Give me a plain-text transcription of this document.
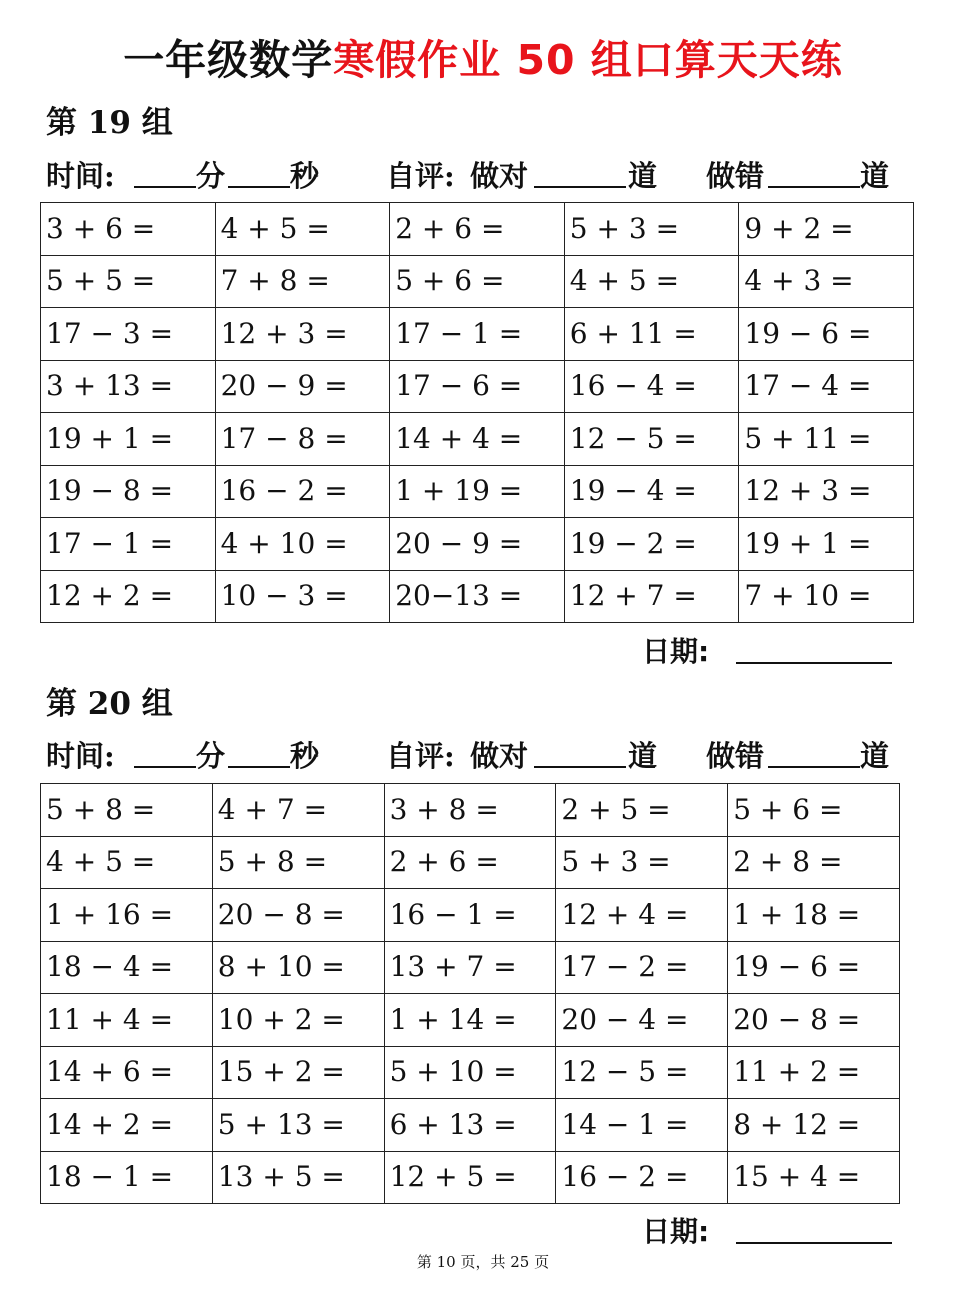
一年级数学寒假作业 50 组口算天天练
第 19 组
时间:	分 秒 自评: 做对	道 做错	道
3 + 6 =	4 + 5 =	2 + 6 =	5 + 3 =	9 + 2 =
5 + 5 =	7 + 8 =	5 + 6 =	4 + 5 =	4 + 3 =
17 − 3 =	12 + 3 =	17 − 1 =	6 + 11 =	19 − 6 =
3 + 13 =	20 − 9 =	17 − 6 =	16 − 4 =	17 − 4 =
19 + 1 =	17 − 8 =	14 + 4 =	12 − 5 =	5 + 11 =
19 − 8 =	16 − 2 =	1 + 19 =	19 − 4 =	12 + 3 =
17 − 1 =	4 + 10 =	20 − 9 =	19 − 2 =	19 + 1 =
12 + 2 =	10 − 3 =	20−13 =	12 + 7 =	7 + 10 =
日期:
第 20 组
时间:	分 秒 自评: 做对	道 做错	道
5 + 8 =	4 + 7 =	3 + 8 =	2 + 5 =	5 + 6 =
4 + 5 =	5 + 8 =	2 + 6 =	5 + 3 =	2 + 8 =
1 + 16 =	20 − 8 =	16 − 1 =	12 + 4 =	1 + 18 =
18 − 4 =	8 + 10 =	13 + 7 =	17 − 2 =	19 − 6 =
11 + 4 =	10 + 2 =	1 + 14 =	20 − 4 =	20 − 8 =
14 + 6 =	15 + 2 =	5 + 10 =	12 − 5 =	11 + 2 =
14 + 2 =	5 + 13 =	6 + 13 =	14 − 1 =	8 + 12 =
18 − 1 =	13 + 5 =	12 + 5 =	16 − 2 =	15 + 4 =
日期:
第 10 页，共 25 页
